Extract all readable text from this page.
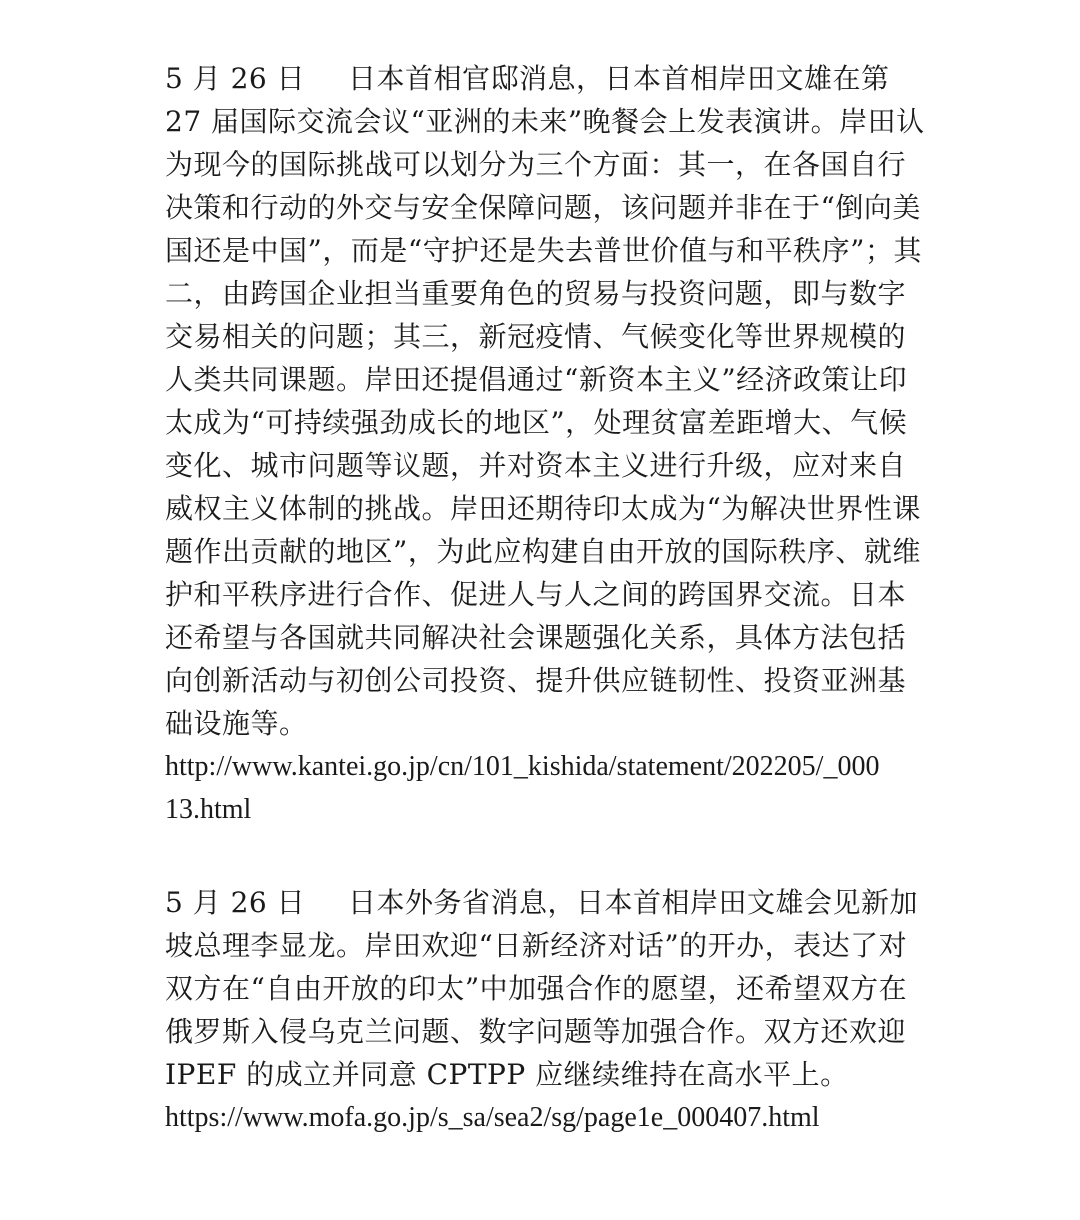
5 月 26 日 日本首相官邸消息，日本首相岸田文雄在第
27 届国际交流会议“亚洲的未来”晚餐会上发表演讲。岸田认
为现今的国际挑战可以划分为三个方面：其一，在各国自行
决策和行动的外交与安全保障问题，该问题并非在于“倒向美
国还是中国”，而是“守护还是失去普世价值与和平秩序”；其
二，由跨国企业担当重要角色的贸易与投资问题，即与数字
交易相关的问题；其三，新冠疫情、气候变化等世界规模的
人类共同课题。岸田还提倡通过“新资本主义”经济政策让印
太成为“可持续强劲成长的地区”，处理贫富差距增大、气候
变化、城市问题等议题，并对资本主义进行升级，应对来自
威权主义体制的挑战。岸田还期待印太成为“为解决世界性课
题作出贡献的地区”，为此应构建自由开放的国际秩序、就维
护和平秩序进行合作、促进人与人之间的跨国界交流。日本
还希望与各国就共同解决社会课题强化关系，具体方法包括
向创新活动与初创公司投资、提升供应链韧性、投资亚洲基
础设施等。
http://www.kantei.go.jp/cn/101_kishida/statement/202205/_000
13.html
5 月 26 日 日本外务省消息，日本首相岸田文雄会见新加
坡总理李显龙。岸田欢迎“日新经济对话”的开办，表达了对
双方在“自由开放的印太”中加强合作的愿望，还希望双方在
俄罗斯入侵乌克兰问题、数字问题等加强合作。双方还欢迎
IPEF 的成立并同意 CPTPP 应继续维持在高水平上。
https://www.mofa.go.jp/s_sa/sea2/sg/page1e_000407.html
